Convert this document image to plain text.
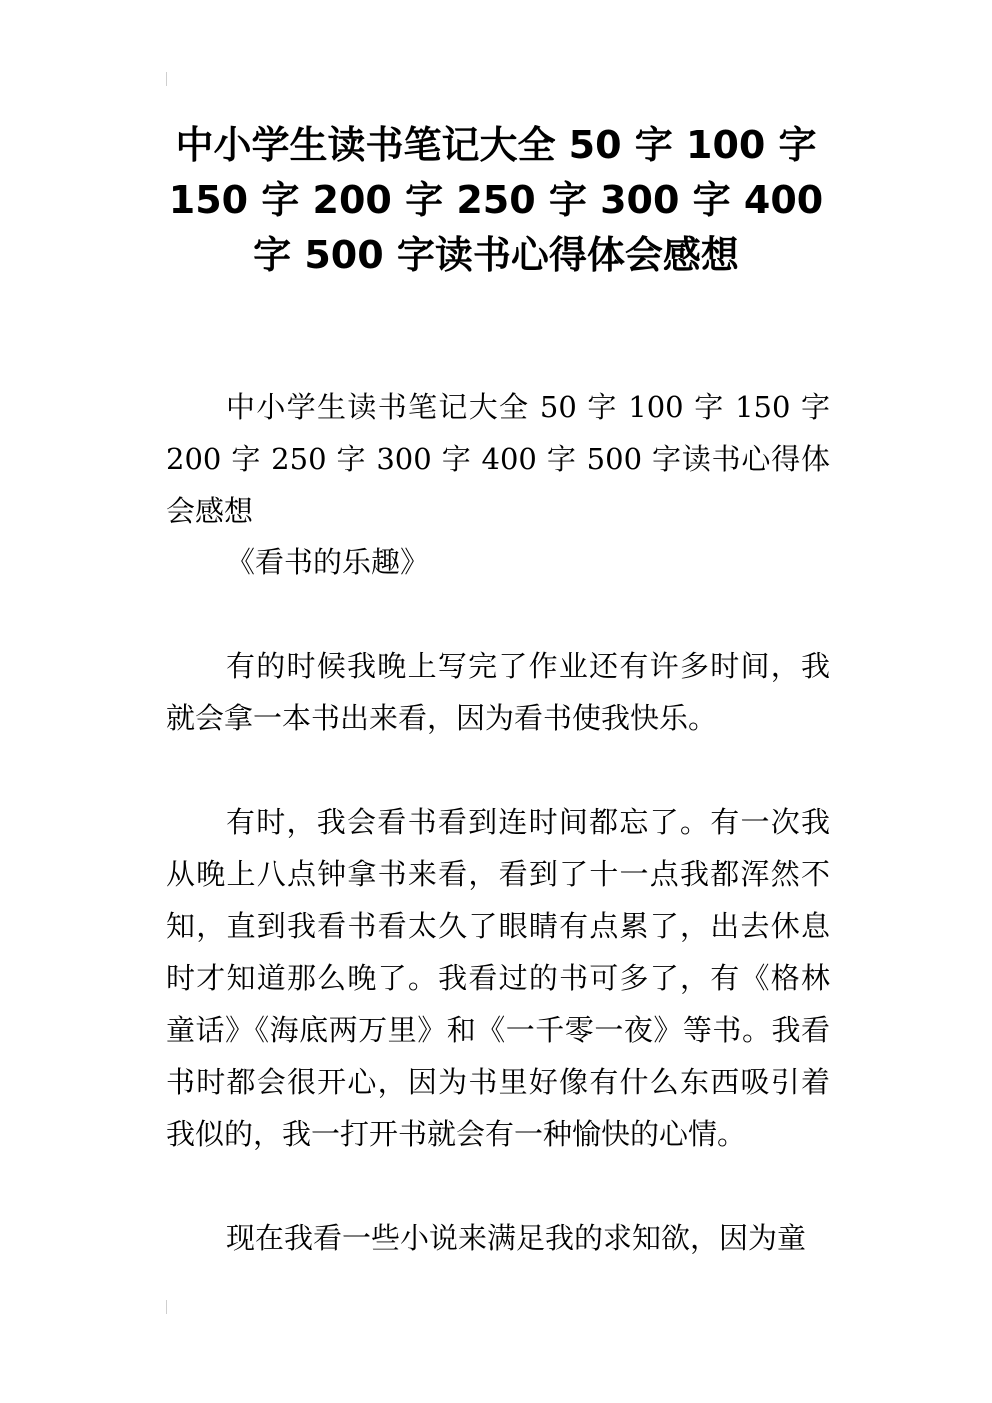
中小学生读书笔记大全 50 字 100 字 150 字 200 字 250 字 300 字 400 字 500 字读书心得体会感想

中小学生读书笔记大全 50 字 100 字 150 字 200 字 250 字 300 字 400 字 500 字读书心得体会感想

《看书的乐趣》

有的时候我晚上写完了作业还有许多时间，我就会拿一本书出来看，因为看书使我快乐。

有时，我会看书看到连时间都忘了。有一次我从晚上八点钟拿书来看，看到了十一点我都浑然不知，直到我看书看太久了眼睛有点累了，出去休息时才知道那么晚了。我看过的书可多了，有《格林童话》《海底两万里》和《一千零一夜》等书。我看书时都会很开心，因为书里好像有什么东西吸引着我似的，我一打开书就会有一种愉快的心情。

现在我看一些小说来满足我的求知欲，因为童
